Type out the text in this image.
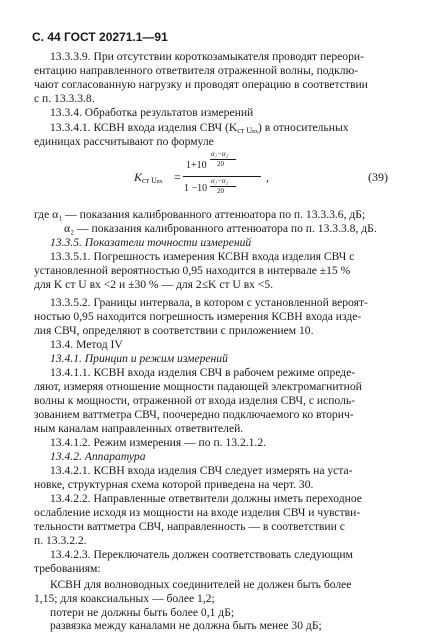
С. 44 ГОСТ 20271.1—91
13.3.3.9. При отсутствии короткозамыкателя проводят переори-
ентацию направленного ответвителя отраженной волны, подклю-
чают согласованную нагрузку и проводят операцию в соответствии
с п. 13.3.3.8.
13.3.4. Обработка результатов измерений
13.3.4.1. КСВН входа изделия СВЧ $(K_{ст Uвх})$ в относительных
единицах рассчитывают по формуле
$K_{ст Uвх}$ =
1+10
α₁−α₂
20
1 −10
α₁−α₂
20
,	(39)
где α₁ — показания калиброванного аттенюатора по п. 13.3.3.6, дБ;
α₂ — показания калиброванного аттенюатора по п. 13.3.3.8, дБ.
13.3.5. Показатели точности измерений
13.3.5.1. Погрешность измерения КСВН входа изделия СВЧ с
установленной вероятностью 0,95 находится в интервале ±15 %
для K ст U вх <2 и ±30 % — для 2≤K ст U вх <5.
13.3.5.2. Границы интервала, в котором с установленной вероят-
ностью 0,95 находится погрешность измерения КСВН входа изде-
лия СВЧ, определяют в соответствии с приложением 10.
13.4. Метод IV
13.4.1. Принцип и режим измерений
13.4.1.1. КСВН входа изделия СВЧ в рабочем режиме опреде-
ляют, измеряя отношение мощности падающей электромагнитной
волны к мощности, отраженной от входа изделия СВЧ, с исполь-
зованием ваттметра СВЧ, поочередно подключаемого ко вторич-
ным каналам направленных ответвителей.
13.4.1.2. Режим измерения — по п. 13.2.1.2.
13.4.2. Аппаратура
13.4.2.1. КСВН входа изделия СВЧ следует измерять на уста-
новке, структурная схема которой приведена на черт. 30.
13.4.2.2. Направленные ответвители должны иметь переходное
ослабление исходя из мощности на входе изделия СВЧ и чувстви-
тельности ваттметра СВЧ, направленность — в соответствии с
п. 13.3.2.2.
13.4.2.3. Переключатель должен соответствовать следующим
требованиям:
КСВН для волноводных соединителей не должен быть более
1,15; для коаксиальных — более 1,2;
потери не должны быть более 0,1 дБ;
развязка между каналами не должна быть менее 30 дБ;
